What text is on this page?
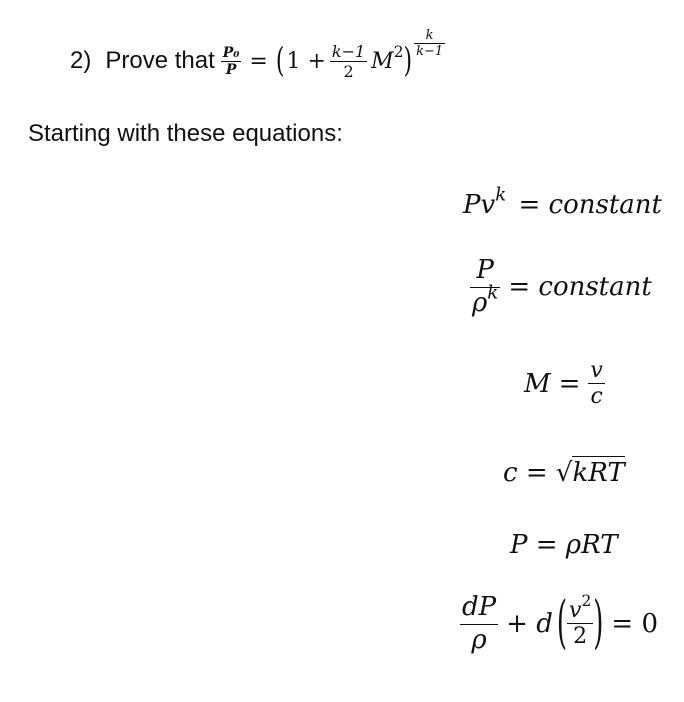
2) Prove that $\frac{\text{P₀}}{P}$ = ( $1 + \frac{k-1}{2} M^2$ ) $\frac{k}{k-1}$
Starting with these equations:
$Pv^k$ = constant
$\frac{P}{\rho^k}$ = constant
$M = \frac{v}{c}$
c = √kRT
P = ρRT
$\frac{dP}{\rho} + d$ ( $\frac{v^2}{2}$ ) = 0
